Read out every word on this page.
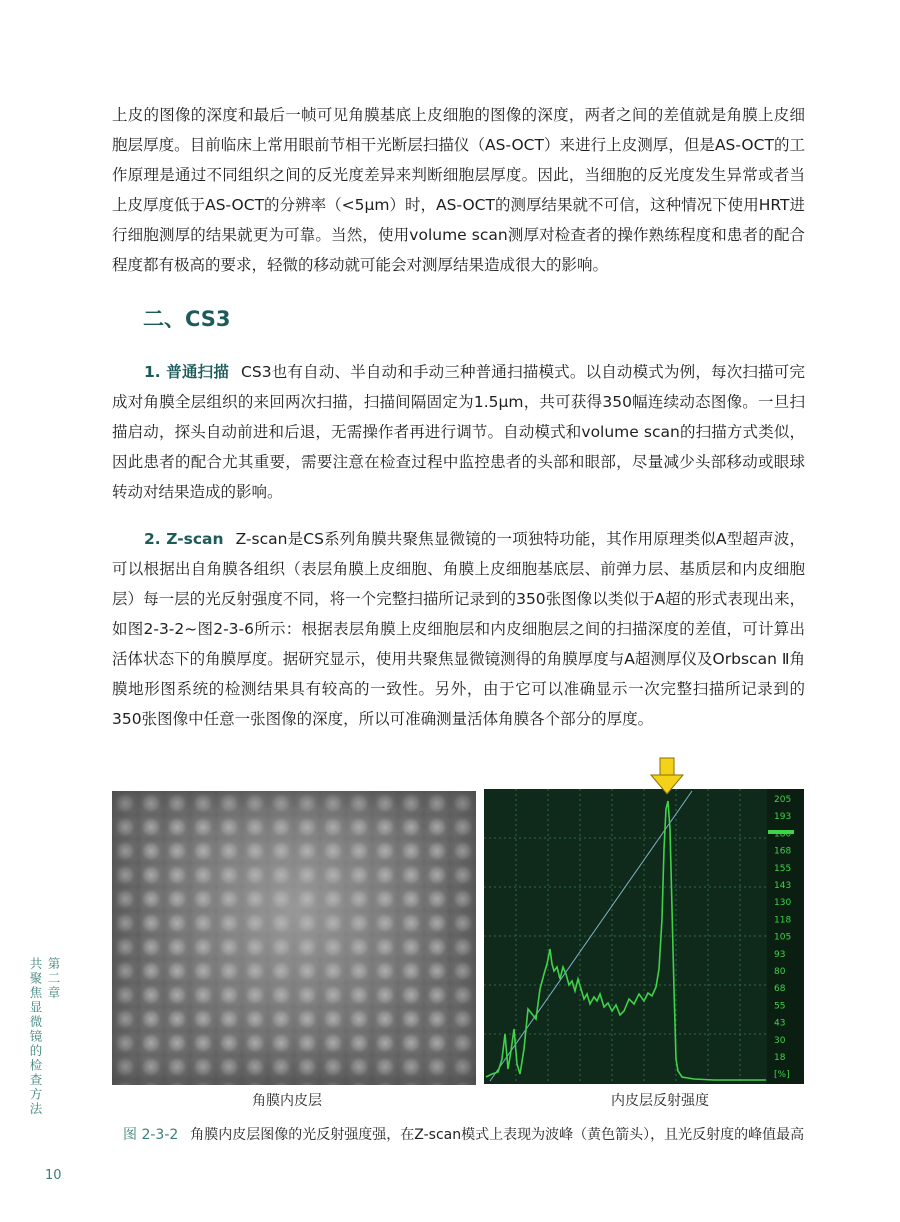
上皮的图像的深度和最后一帧可见角膜基底上皮细胞的图像的深度，两者之间的差值就是角膜上皮细胞层厚度。目前临床上常用眼前节相干光断层扫描仪（AS-OCT）来进行上皮测厚，但是AS-OCT的工作原理是通过不同组织之间的反光度差异来判断细胞层厚度。因此，当细胞的反光度发生异常或者当上皮厚度低于AS-OCT的分辨率（<5μm）时，AS-OCT的测厚结果就不可信，这种情况下使用HRT进行细胞测厚的结果就更为可靠。当然，使用volume scan测厚对检查者的操作熟练程度和患者的配合程度都有极高的要求，轻微的移动就可能会对测厚结果造成很大的影响。

二、CS3

1. 普通扫描 CS3也有自动、半自动和手动三种普通扫描模式。以自动模式为例，每次扫描可完成对角膜全层组织的来回两次扫描，扫描间隔固定为1.5μm，共可获得350幅连续动态图像。一旦扫描启动，探头自动前进和后退，无需操作者再进行调节。自动模式和volume scan的扫描方式类似，因此患者的配合尤其重要，需要注意在检查过程中监控患者的头部和眼部，尽量减少头部移动或眼球转动对结果造成的影响。

2. Z-scan Z-scan是CS系列角膜共聚焦显微镜的一项独特功能，其作用原理类似A型超声波，可以根据出自角膜各组织（表层角膜上皮细胞、角膜上皮细胞基底层、前弹力层、基质层和内皮细胞层）每一层的光反射强度不同，将一个完整扫描所记录到的350张图像以类似于A超的形式表现出来，如图2-3-2~图2-3-6所示：根据表层角膜上皮细胞层和内皮细胞层之间的扫描深度的差值，可计算出活体状态下的角膜厚度。据研究显示，使用共聚焦显微镜测得的角膜厚度与A超测厚仪及Orbscan Ⅱ角膜地形图系统的检测结果具有较高的一致性。另外，由于它可以准确显示一次完整扫描所记录到的350张图像中任意一张图像的深度，所以可准确测量活体角膜各个部分的厚度。

205
193
180
168
155
143
130
118
105
93
80
68
55
43
30
18
[%]
角膜内皮层	内皮层反射强度
图 2-3-2 角膜内皮层图像的光反射强度强，在Z-scan模式上表现为波峰（黄色箭头），且光反射度的峰值最高
第二章
共聚焦显微镜的检查方法
10
